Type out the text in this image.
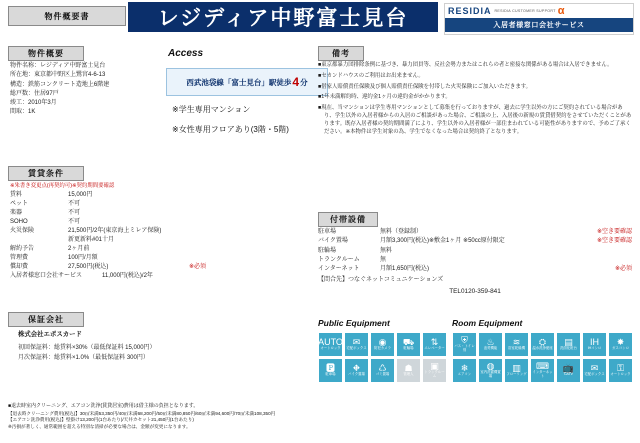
物件概要書	レジディア中野富士見台	RESIDIA RESIDIA CUSTOMER SUPPORT α
入居者様窓口会社サービス
物件概要
物件名称：レジディア中野富士見台
所在地：東京都中野区上鷺宮4-6-13
構造：鉄筋コンクリート造地上6階建
総戸数：住居97戸
竣工：2010年3月
間取：1K
賃貸条件
※朱書き変更点(再契約可)※契約期間要確認
賃料	15,000円
ペット	不可
楽器	不可
SOHO	不可
火災保険	21,500円/2年(東京海上ミレア保険)
新更新料#01十月
解約予告	2ヶ月前
管理費	100円/月額
償却費	27,500円(税込)	※必須
入居者様窓口会社サービス	11,000円(税込)/2年
保証会社
株式会社エポスカード
初回保証料：総賃料×30%（最低保証料 15,000円）
月次保証料：総賃料×1.0%（最低保証料 300円）
Access
西武池袋線「富士見台」駅 徒歩 4 分
※学生専用マンション
※女性専用フロアあり(3階・5階)
備考

■東京都暴力団排除条例に基づき、暴力団員等、反社会勢力またはこれらの者と密接な関係がある場合は入居できません。

■セカンドハウスのご利用はお出来ません。

■借家人賠償責任保険及び個人賠償責任保険を付帯した火災保険にご加入いただきます。

■1年未満解約時、違約金1ヶ月の違約金がかかります。

■現在、当マンションは学生専用マンションとして募集を行っておりますが、過去に学生以外の方にご契約されている場合があり、学生以外の入居者様からの入居のご相談があった場合、ご相談の上、入居後の新規の賃貸借契約をさせていただくことがあります。既存入居者様の契約期間満了により、学生以外の入居者様が一部住まわれている可能性がありますので、予めご了承ください。※本物件は学生対象の為、学生でなくなった場合は契約終了となります。

付帯設備
駐車場	無料（登録制）	※空き要確認
バイク置場	月額3,300円(税込)※敷金1ヶ月 ※50cc原付限定	※空き要確認
駐輪場	無料
トランクルーム	無
インターネット	月額1,650円(税込)	※必須
【問合先】つなぐネットコミュニケーションズ
TEL0120-359-841
Public Equipment
AUTO
オートロック
✉
宅配ボックス
◉
防犯カメラ
⛟
駐輪場
⇅
エレベーター
🅿
駐車場
⛖
バイク置場
♺
ゴミ置場
☗
管理人
▣
トランクルーム
Room Equipment
⛨
バス・トイレ別
♨
追焚機能
≋
浴室乾燥機
⛭
温水洗浄便座
▤
洗面化粧台
IH
IHコンロ
✸
ガスコンロ
❄
エアコン
◍
室内洗濯機置場
▥
フローリング
⌨
インターネット
📺
CATV
✉
宅配ボックス
⚿
オートロック
■退去時室内クリーニング、エアコン洗浄(賃貸居室)費用は借主様の負担となります。
【退去時クリーニング費用(税込)】30㎡未満53,350円/40㎡未満68,200円/50㎡未満80,850円/60㎡未満94,600円/70㎡未満108,350円
【エアコン洗浄費用(税込)】壁掛け13,200円(1台あたり)/天井カセット21,450円(1台あたり)
※汚損が著しく、通常範囲を超える特別な清掃が必要な場合は、金額が変更になります。
